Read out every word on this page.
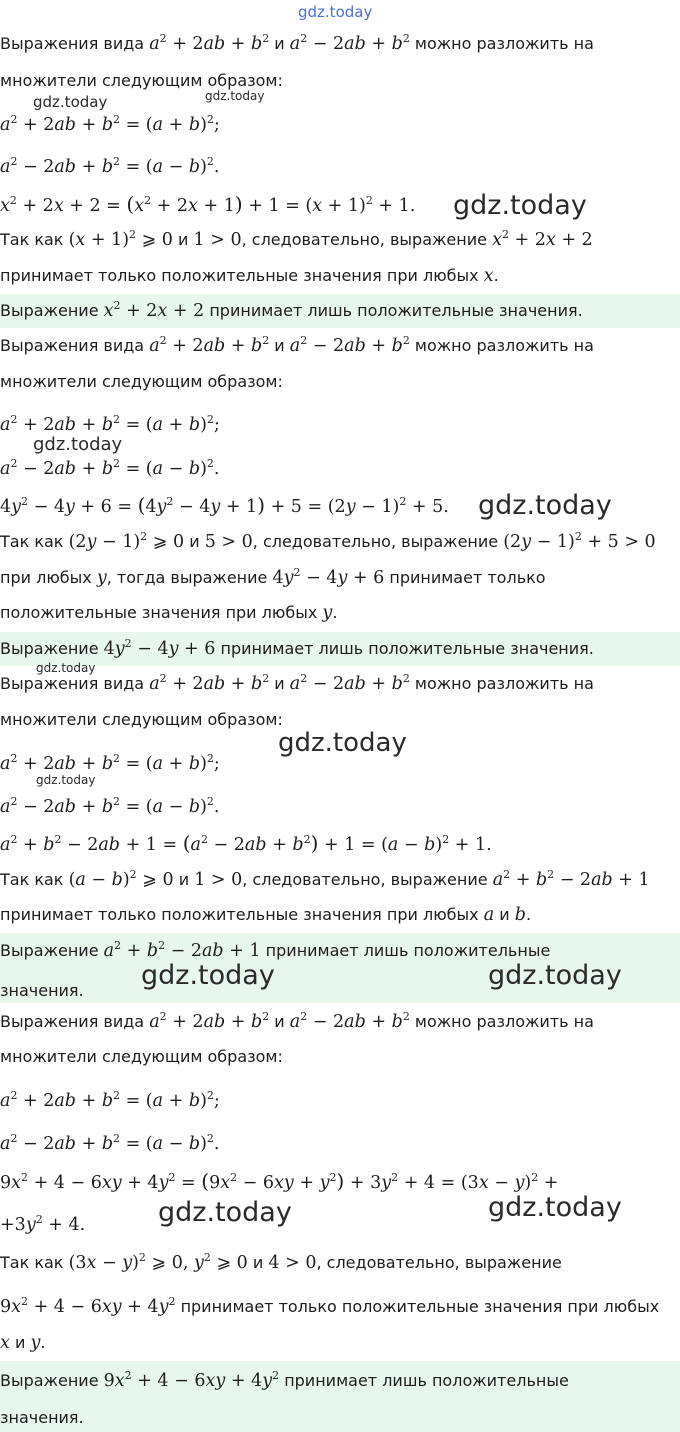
gdz.today
gdz.today	gdz.today
gdz.today
gdz.today
gdz.today
gdz.today
gdz.today
gdz.today
gdz.today	gdz.today
gdz.today	gdz.today
Выражения вида $a^2 + 2ab + b^2$ и $a^2 - 2ab + b^2$ можно разложить на
множители следующим образом:
$a^2 + 2ab + b^2 = (a + b)^2$;
$a^2 - 2ab + b^2 = (a - b)^2$.
$x^2 + 2x + 2 = (x^2 + 2x + 1) + 1 = (x + 1)^2 + 1$.
Так как $(x + 1)^2$ ⩾ 0 и 1 > 0, следовательно, выражение $x^2 + 2x + 2$
принимает только положительные значения при любых x.
Выражение $x^2 + 2x + 2$ принимает лишь положительные значения.
Выражения вида $a^2 + 2ab + b^2$ и $a^2 - 2ab + b^2$ можно разложить на
множители следующим образом:
$a^2 + 2ab + b^2 = (a + b)^2$;
$a^2 - 2ab + b^2 = (a - b)^2$.
$4y^2 - 4y + 6 = (4y^2 - 4y + 1) + 5 = (2y - 1)^2 + 5$.
Так как $(2y - 1)^2$ ⩾ 0 и 5 > 0, следовательно, выражение $(2y - 1)^2 + 5 > 0$
при любых y, тогда выражение $4y^2 - 4y + 6$ принимает только
положительные значения при любых y.
Выражение $4y^2 - 4y + 6$ принимает лишь положительные значения.
Выражения вида $a^2 + 2ab + b^2$ и $a^2 - 2ab + b^2$ можно разложить на
множители следующим образом:
$a^2 + 2ab + b^2 = (a + b)^2$;
$a^2 - 2ab + b^2 = (a - b)^2$.
$a^2 + b^2 - 2ab + 1 = (a^2 - 2ab + b^2) + 1 = (a - b)^2 + 1$.
Так как $(a - b)^2$ ⩾ 0 и 1 > 0, следовательно, выражение $a^2 + b^2 - 2ab + 1$
принимает только положительные значения при любых a и b.
Выражение $a^2 + b^2 - 2ab + 1$ принимает лишь положительные
значения.
Выражения вида $a^2 + 2ab + b^2$ и $a^2 - 2ab + b^2$ можно разложить на
множители следующим образом:
$a^2 + 2ab + b^2 = (a + b)^2$;
$a^2 - 2ab + b^2 = (a - b)^2$.
$9x^2 + 4 - 6xy + 4y^2 = (9x^2 - 6xy + y^2) + 3y^2 + 4 = (3x - y)^2$ +
$+3y^2 + 4$.
Так как $(3x - y)^2$ ⩾ 0, $y^2$ ⩾ 0 и 4 > 0, следовательно, выражение
$9x^2 + 4 - 6xy + 4y^2$ принимает только положительные значения при любых
x и y.
Выражение $9x^2 + 4 - 6xy + 4y^2$ принимает лишь положительные
значения.
